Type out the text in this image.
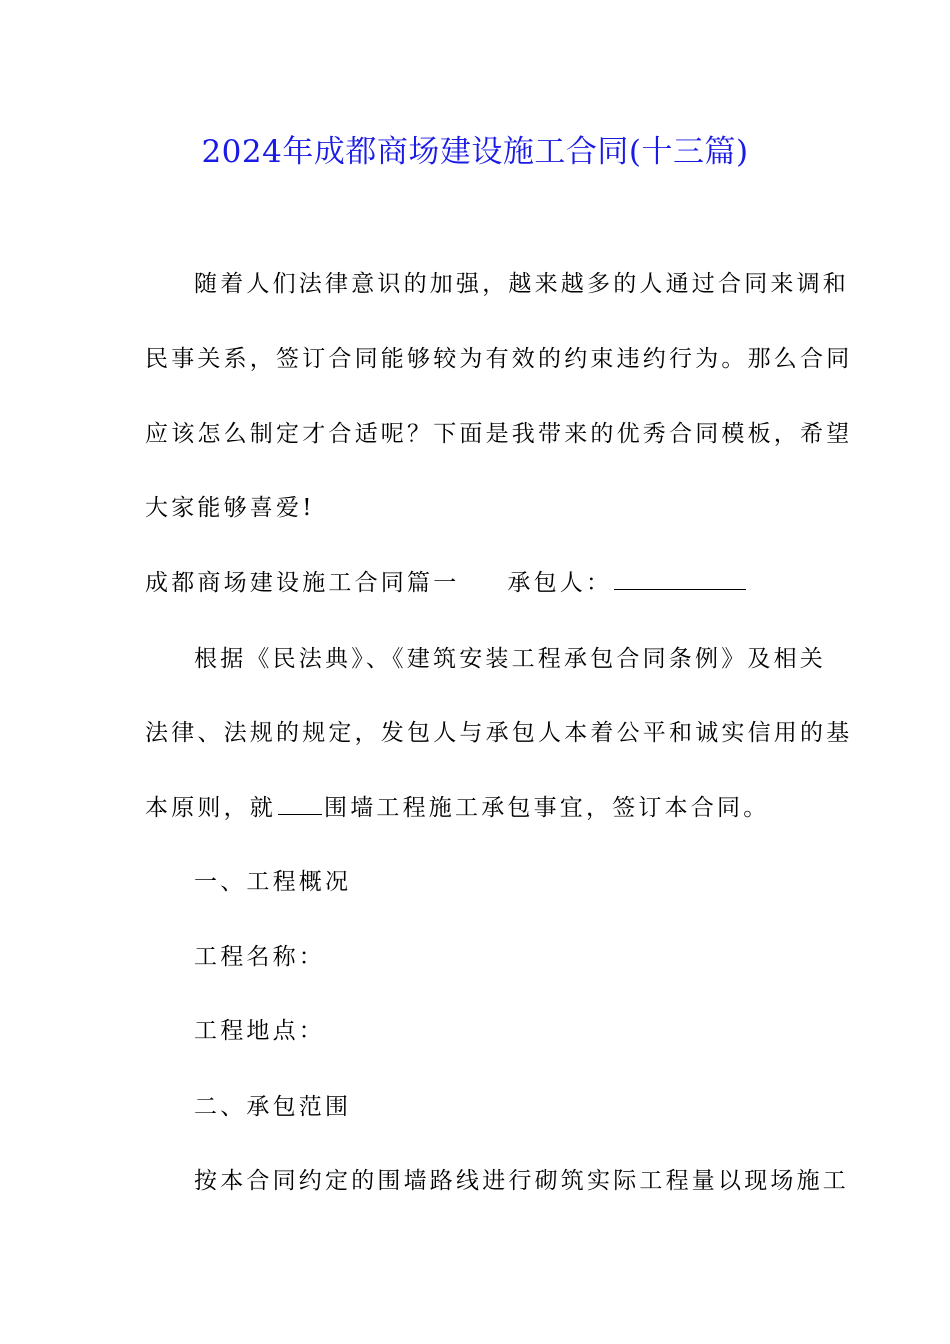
2024年成都商场建设施工合同(十三篇)
随着人们法律意识的加强，越来越多的人通过合同来调和
民事关系，签订合同能够较为有效的约束违约行为。那么合同
应该怎么制定才合适呢？下面是我带来的优秀合同模板，希望
大家能够喜爱!
成都商场建设施工合同篇一 承包人：
根据《民法典》、《建筑安装工程承包合同条例》及相关
法律、法规的规定，发包人与承包人本着公平和诚实信用的基
本原则，就 围墙工程施工承包事宜，签订本合同。
一、工程概况
工程名称：
工程地点：
二、承包范围
按本合同约定的围墙路线进行砌筑实际工程量以现场施工
